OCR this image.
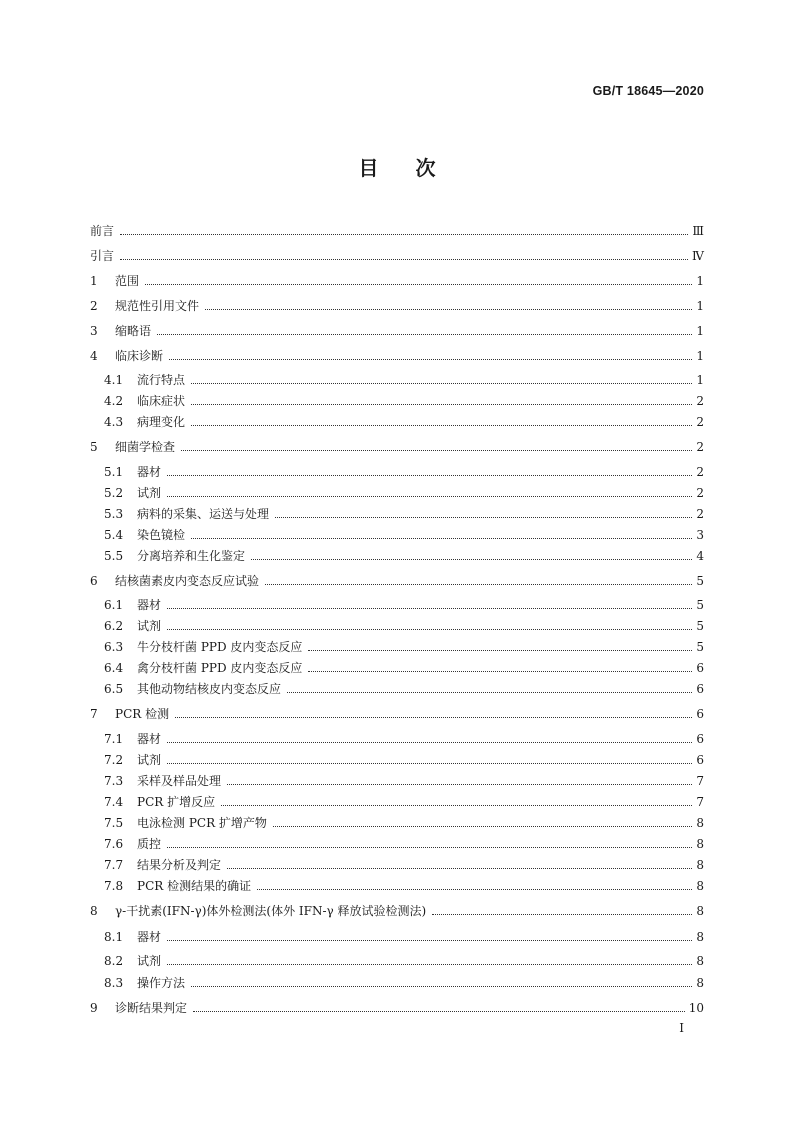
GB/T 18645—2020
目 次
前言	Ⅲ
引言	Ⅳ
1	范围	1
2	规范性引用文件	1
3	缩略语	1
4	临床诊断	1
4.1	流行特点	1
4.2	临床症状	2
4.3	病理变化	2
5	细菌学检查	2
5.1	器材	2
5.2	试剂	2
5.3	病料的采集、运送与处理	2
5.4	染色镜检	3
5.5	分离培养和生化鉴定	4
6	结核菌素皮内变态反应试验	5
6.1	器材	5
6.2	试剂	5
6.3	牛分枝杆菌 PPD 皮内变态反应	5
6.4	禽分枝杆菌 PPD 皮内变态反应	6
6.5	其他动物结核皮内变态反应	6
7	PCR 检测	6
7.1	器材	6
7.2	试剂	6
7.3	采样及样品处理	7
7.4	PCR 扩增反应	7
7.5	电泳检测 PCR 扩增产物	8
7.6	质控	8
7.7	结果分析及判定	8
7.8	PCR 检测结果的确证	8
8	γ-干扰素(IFN-γ)体外检测法(体外 IFN-γ 释放试验检测法)	8
8.1	器材	8
8.2	试剂	8
8.3	操作方法	8
9	诊断结果判定	10
I
